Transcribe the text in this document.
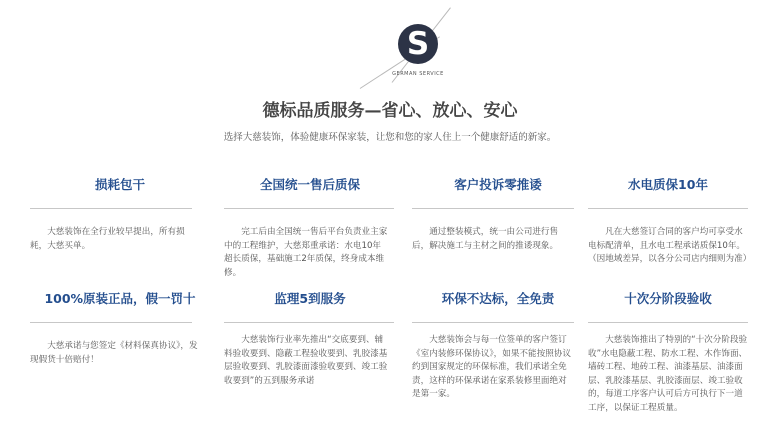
S
GERMAN SERVICE
德标品质服务—省心、放心、安心
选择大慈装饰，体验健康环保家装，让您和您的家人住上一个健康舒适的新家。
损耗包干
大慈装饰在全行业较早提出，所有损耗，大慈买单。
全国统一售后质保
完工后由全国统一售后平台负责业主家中的工程维护，大慈郑重承诺：水电10年超长质保，基础施工2年质保，终身成本维修。
客户投诉零推诿
通过整装模式，统一由公司进行售后，解决施工与主材之间的推诿现象。
水电质保10年
凡在大慈签订合同的客户均可享受水电标配清单，且水电工程承诺质保10年。（因地域差异，以各分公司店内细则为准）
100%原装正品，假一罚十
大慈承诺与您签定《材料保真协议》，发现假货十倍赔付！
监理5到服务
大慈装饰行业率先推出“交底要到、辅料验收要到、隐蔽工程验收要到、乳胶漆基层验收要到、乳胶漆面漆验收要到、竣工验收要到”的五到服务承诺
环保不达标，全免责
大慈装饰会与每一位签单的客户签订《室内装修环保协议》，如果不能按照协议约到国家规定的环保标准，我们承诺全免责，这样的环保承诺在家系装修里面绝对是第一家。
十次分阶段验收
大慈装饰推出了特别的“十次分阶段验收”水电隐蔽工程、防水工程、木作饰面、墙砖工程、地砖工程、油漆基层、油漆面层、乳胶漆基层、乳胶漆面层、竣工验收的，每道工序客户认可后方可执行下一道工序，以保证工程质量。
